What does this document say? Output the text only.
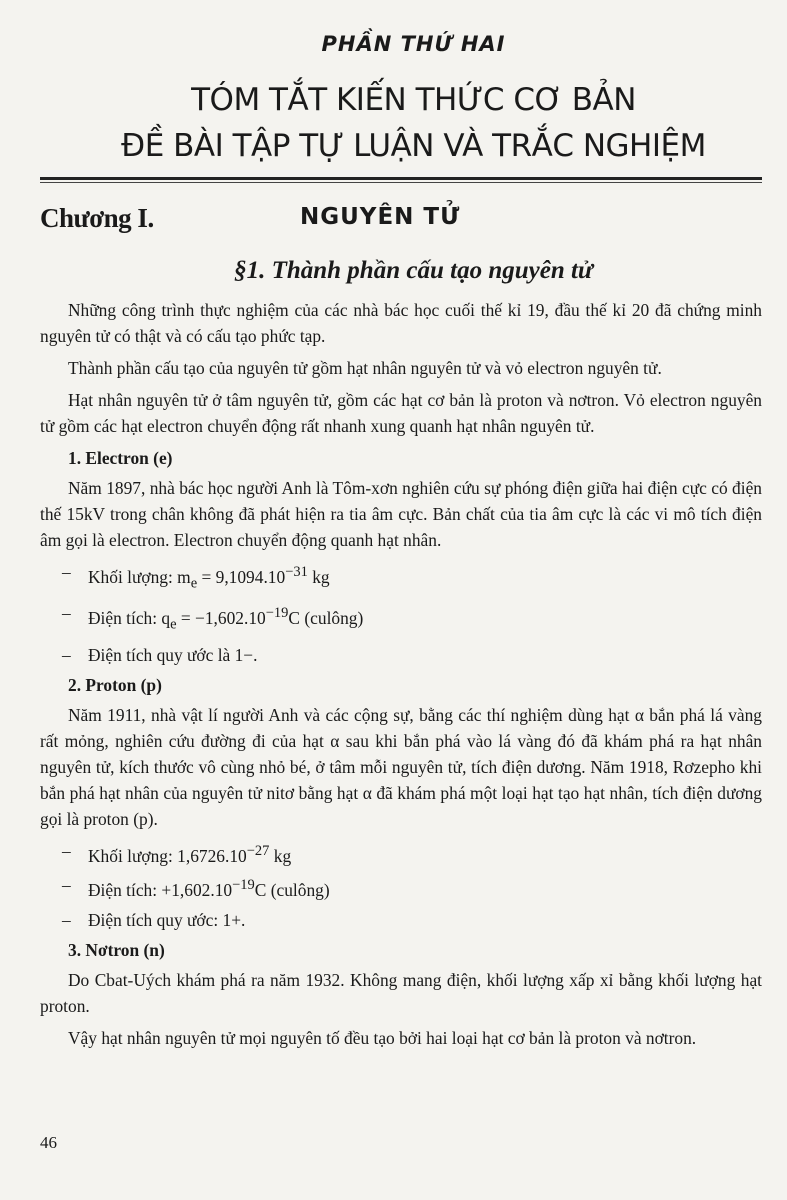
PHẦN THỨ HAI
TÓM TẮT KIẾN THỨC CƠ BẢN
ĐỀ BÀI TẬP TỰ LUẬN VÀ TRẮC NGHIỆM
Chương I.	NGUYÊN TỬ
§1. Thành phần cấu tạo nguyên tử

Những công trình thực nghiệm của các nhà bác học cuối thế kỉ 19, đầu thế kỉ 20 đã chứng minh nguyên tử có thật và có cấu tạo phức tạp.

Thành phần cấu tạo của nguyên tử gồm hạt nhân nguyên tử và vỏ electron nguyên tử.

Hạt nhân nguyên tử ở tâm nguyên tử, gồm các hạt cơ bản là proton và nơtron. Vỏ electron nguyên tử gồm các hạt electron chuyển động rất nhanh xung quanh hạt nhân nguyên tử.

1. Electron (e)

Năm 1897, nhà bác học người Anh là Tôm-xơn nghiên cứu sự phóng điện giữa hai điện cực có điện thế 15kV trong chân không đã phát hiện ra tia âm cực. Bản chất của tia âm cực là các vi mô tích điện âm gọi là electron. Electron chuyển động quanh hạt nhân.

– Khối lượng: $m_e = 9,1094.10^{-31}$ kg
– Điện tích: $q_e = -1,602.10^{-19}C$ (culông)
– Điện tích quy ước là 1−.
2. Proton (p)

Năm 1911, nhà vật lí người Anh và các cộng sự, bằng các thí nghiệm dùng hạt α bắn phá lá vàng rất mỏng, nghiên cứu đường đi của hạt α sau khi bắn phá vào lá vàng đó đã khám phá ra hạt nhân nguyên tử, kích thước vô cùng nhỏ bé, ở tâm mỗi nguyên tử, tích điện dương. Năm 1918, Rơzepho khi bắn phá hạt nhân của nguyên tử nitơ bằng hạt α đã khám phá một loại hạt tạo hạt nhân, tích điện dương gọi là proton (p).

– Khối lượng: $1,6726.10^{-27}$ kg
– Điện tích: $+1,602.10^{-19}C$ (culông)
– Điện tích quy ước: 1+.
3. Nơtron (n)

Do Cbat-Uých khám phá ra năm 1932. Không mang điện, khối lượng xấp xỉ bằng khối lượng hạt proton.

Vậy hạt nhân nguyên tử mọi nguyên tố đều tạo bởi hai loại hạt cơ bản là proton và nơtron.

46
